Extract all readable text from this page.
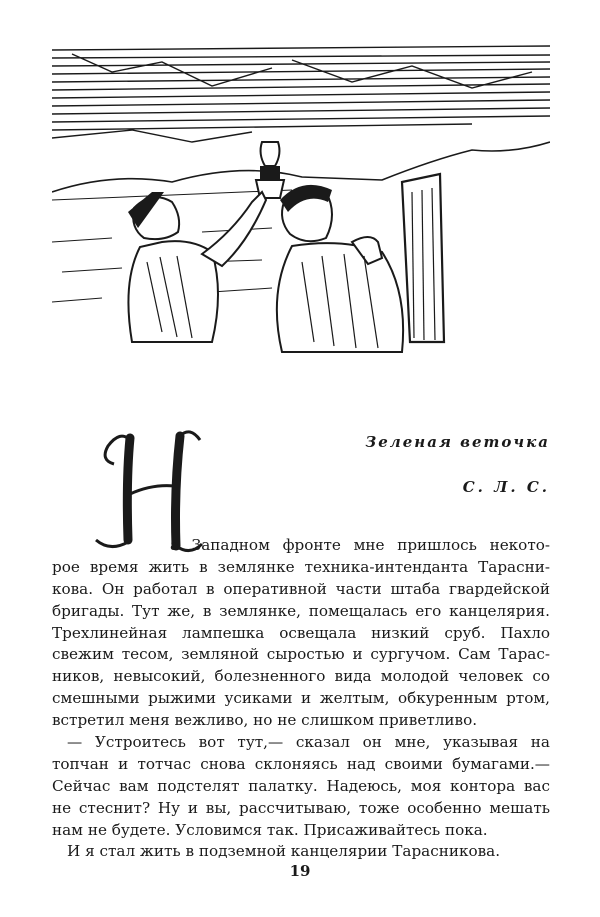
Зеленая веточка
С. Л. С.

а Западном фронте мне пришлось некото-
рое время жить в землянке техника-интенданта Тарасни-
кова. Он работал в оперативной части штаба гвардейской
бригады. Тут же, в землянке, помещалась его канцелярия.
Трехлинейная лампешка освещала низкий сруб. Пахло
свежим тесом, земляной сыростью и сургучом. Сам Тарас-
ников, невысокий, болезненного вида молодой человек со
смешными рыжими усиками и желтым, обкуренным ртом,
встретил меня вежливо, но не слишком приветливо.

— Устроитесь вот тут,— сказал он мне, указывая на
топчан и тотчас снова склоняясь над своими бумагами.—
Сейчас вам подстелят палатку. Надеюсь, моя контора вас
не стеснит? Ну и вы, рассчитываю, тоже особенно мешать
нам не будете. Условимся так. Присаживайтесь пока.

И я стал жить в подземной канцелярии Тарасникова.

19
